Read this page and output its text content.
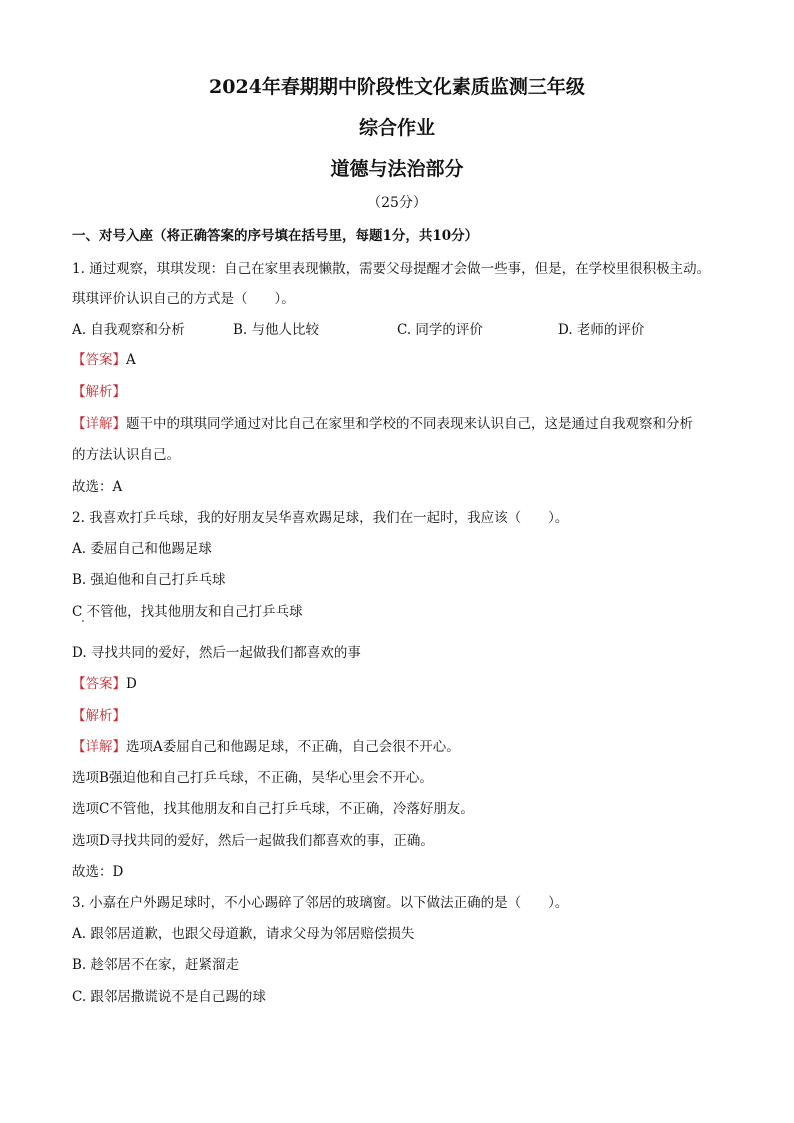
2024年春期期中阶段性文化素质监测三年级
综合作业
道德与法治部分
（25分）
一、对号入座（将正确答案的序号填在括号里，每题1分，共10分）
1. 通过观察，琪琪发现：自己在家里表现懒散，需要父母提醒才会做一些事，但是，在学校里很积极主动。
琪琪评价认识自己的方式是（　　）。
A. 自我观察和分析	B. 与他人比较	C. 同学的评价	D. 老师的评价
【答案】A
【解析】
【详解】题干中的琪琪同学通过对比自己在家里和学校的不同表现来认识自己，这是通过自我观察和分析
的方法认识自己。
故选：A
2. 我喜欢打乒乓球，我的好朋友吴华喜欢踢足球，我们在一起时，我应该（　　）。
A. 委屈自己和他踢足球
B. 强迫他和自己打乒乓球
C 不管他，找其他朋友和自己打乒乓球
D. 寻找共同的爱好，然后一起做我们都喜欢的事
【答案】D
【解析】
【详解】选项A委屈自己和他踢足球，不正确，自己会很不开心。
选项B强迫他和自己打乒乓球，不正确，吴华心里会不开心。
选项C不管他，找其他朋友和自己打乒乓球，不正确，冷落好朋友。
选项D寻找共同的爱好，然后一起做我们都喜欢的事，正确。
故选：D
3. 小嘉在户外踢足球时，不小心踢碎了邻居的玻璃窗。以下做法正确的是（　　）。
A. 跟邻居道歉，也跟父母道歉，请求父母为邻居赔偿损失
B. 趁邻居不在家，赶紧溜走
C. 跟邻居撒谎说不是自己踢的球
